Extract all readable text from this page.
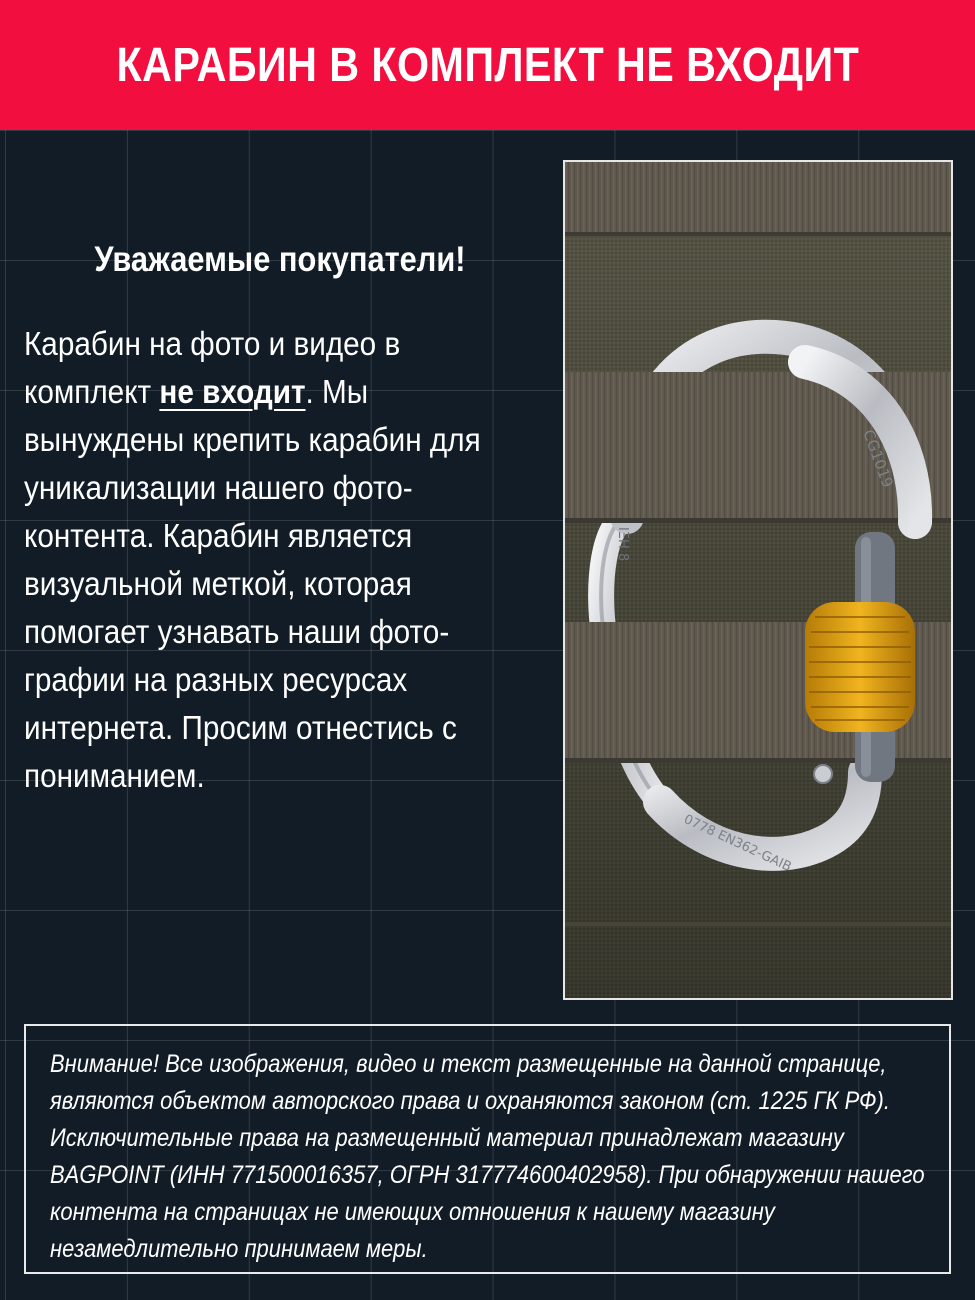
КАРАБИН В КОМПЛЕКТ НЕ ВХОДИТ
Уважаемые покупатели!
Карабин на фото и видео в комплект не входит. Мы вынуждены крепить карабин для уникализации нашего фото-контента. Карабин является визуальной меткой, которая помогает узнавать наши фото-графии на разных ресурсах интернета. Просим отнестись с пониманием.
CG1019
0778 EN362-GAIB
ΙΞΗ 8

Внимание! Все изображения, видео и текст размещенные на данной странице, являются объектом авторского права и охраняются законом (ст. 1225 ГК РФ). Исключительные права на размещенный материал принадлежат магазину BAGPOINT (ИНН 771500016357, ОГРН 317774600402958). При обнаружении нашего контента на страницах не имеющих отношения к нашему магазину незамедлительно принимаем меры.
